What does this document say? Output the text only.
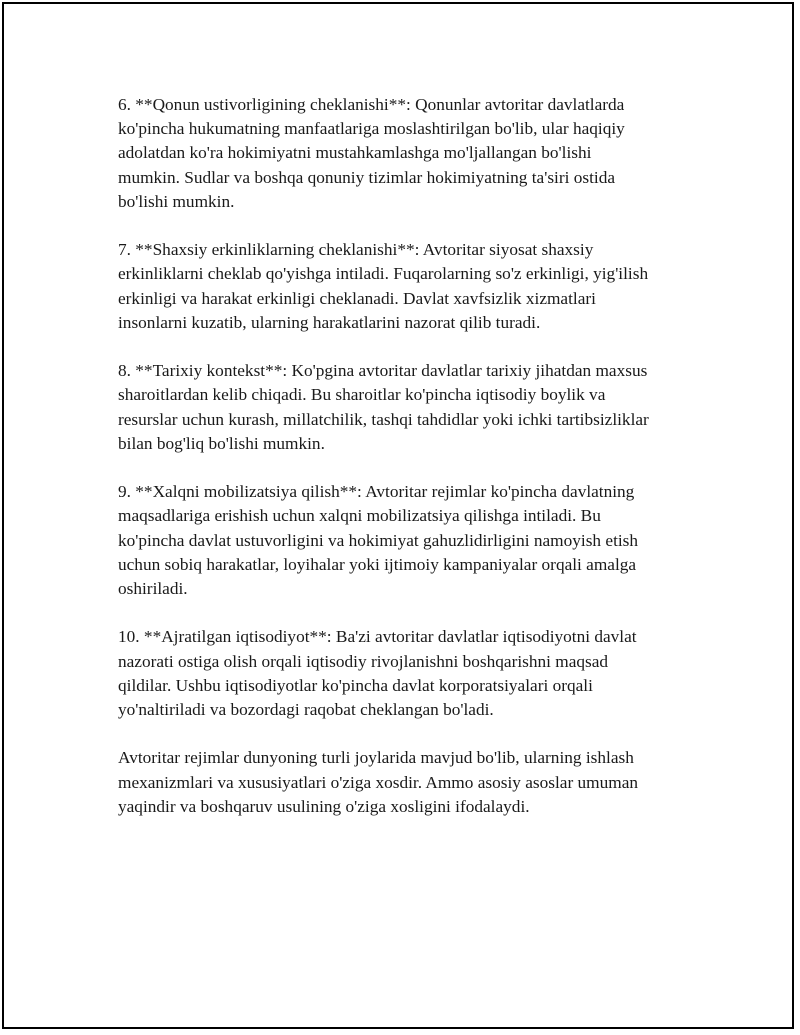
6. **Qonun ustivorligining cheklanishi**: Qonunlar avtoritar davlatlarda
ko'pincha hukumatning manfaatlariga moslashtirilgan bo'lib, ular haqiqiy
adolatdan ko'ra hokimiyatni mustahkamlashga mo'ljallangan bo'lishi
mumkin. Sudlar va boshqa qonuniy tizimlar hokimiyatning ta'siri ostida
bo'lishi mumkin.

7. **Shaxsiy erkinliklarning cheklanishi**: Avtoritar siyosat shaxsiy
erkinliklarni cheklab qo'yishga intiladi. Fuqarolarning so'z erkinligi, yig'ilish
erkinligi va harakat erkinligi cheklanadi. Davlat xavfsizlik xizmatlari
insonlarni kuzatib, ularning harakatlarini nazorat qilib turadi.

8. **Tarixiy kontekst**: Ko'pgina avtoritar davlatlar tarixiy jihatdan maxsus
sharoitlardan kelib chiqadi. Bu sharoitlar ko'pincha iqtisodiy boylik va
resurslar uchun kurash, millatchilik, tashqi tahdidlar yoki ichki tartibsizliklar
bilan bog'liq bo'lishi mumkin.

9. **Xalqni mobilizatsiya qilish**: Avtoritar rejimlar ko'pincha davlatning
maqsadlariga erishish uchun xalqni mobilizatsiya qilishga intiladi. Bu
ko'pincha davlat ustuvorligini va hokimiyat gahuzlidirligini namoyish etish
uchun sobiq harakatlar, loyihalar yoki ijtimoiy kampaniyalar orqali amalga
oshiriladi.

10. **Ajratilgan iqtisodiyot**: Ba'zi avtoritar davlatlar iqtisodiyotni davlat
nazorati ostiga olish orqali iqtisodiy rivojlanishni boshqarishni maqsad
qildilar. Ushbu iqtisodiyotlar ko'pincha davlat korporatsiyalari orqali
yo'naltiriladi va bozordagi raqobat cheklangan bo'ladi.

Avtoritar rejimlar dunyoning turli joylarida mavjud bo'lib, ularning ishlash
mexanizmlari va xususiyatlari o'ziga xosdir. Ammo asosiy asoslar umuman
yaqindir va boshqaruv usulining o'ziga xosligini ifodalaydi.
